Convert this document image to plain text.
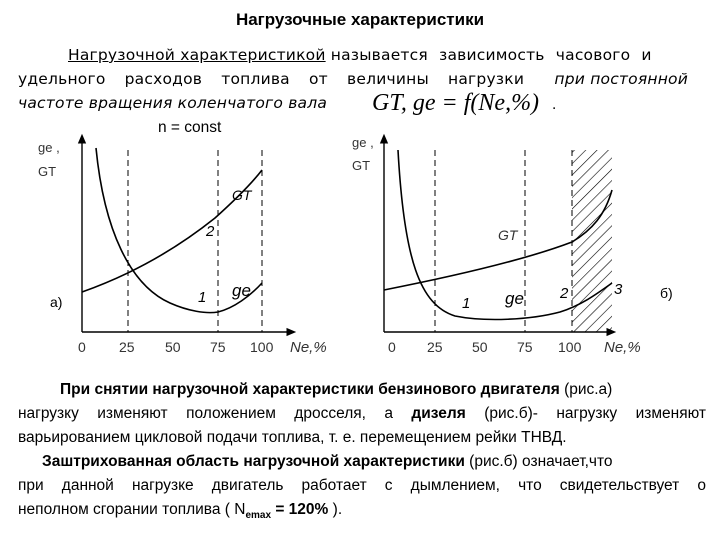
Нагрузочные характеристики
Нагрузочной характеристикой называется зависимость часового и
удельного расходов топлива от величины нагрузки при постоянной
частоте вращения коленчатого вала GT, ge = f(Ne,%) .
n = const
ge ,
GT
а)
GT
2
ge
1
0 25 50 75 100 Ne,%
ge ,
GT
б)
GT
1 ge 2	3
0 25 50 75 100 Ne,%

При снятии нагрузочной характеристики бензинового двигателя (рис.а)

нагрузку изменяют положением дросселя, а дизеля (рис.б)- нагрузку изменяют

варьированием цикловой подачи топлива, т. е. перемещением рейки ТНВД.

Заштрихованная область нагрузочной характеристики (рис.б) означает,что

при данной нагрузке двигатель работает с дымлением, что свидетельствует о

неполном сгорании топлива ( $N_{emax} = 120\%$ ).
